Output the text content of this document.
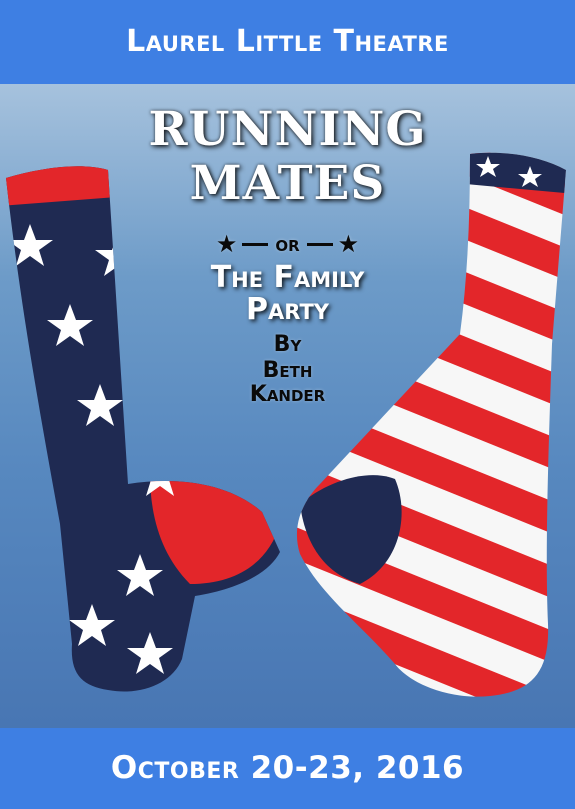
Laurel Little Theatre
RUNNING
MATES
★ or ★
The Family
Party
By
Beth
Kander
October 20-23, 2016
